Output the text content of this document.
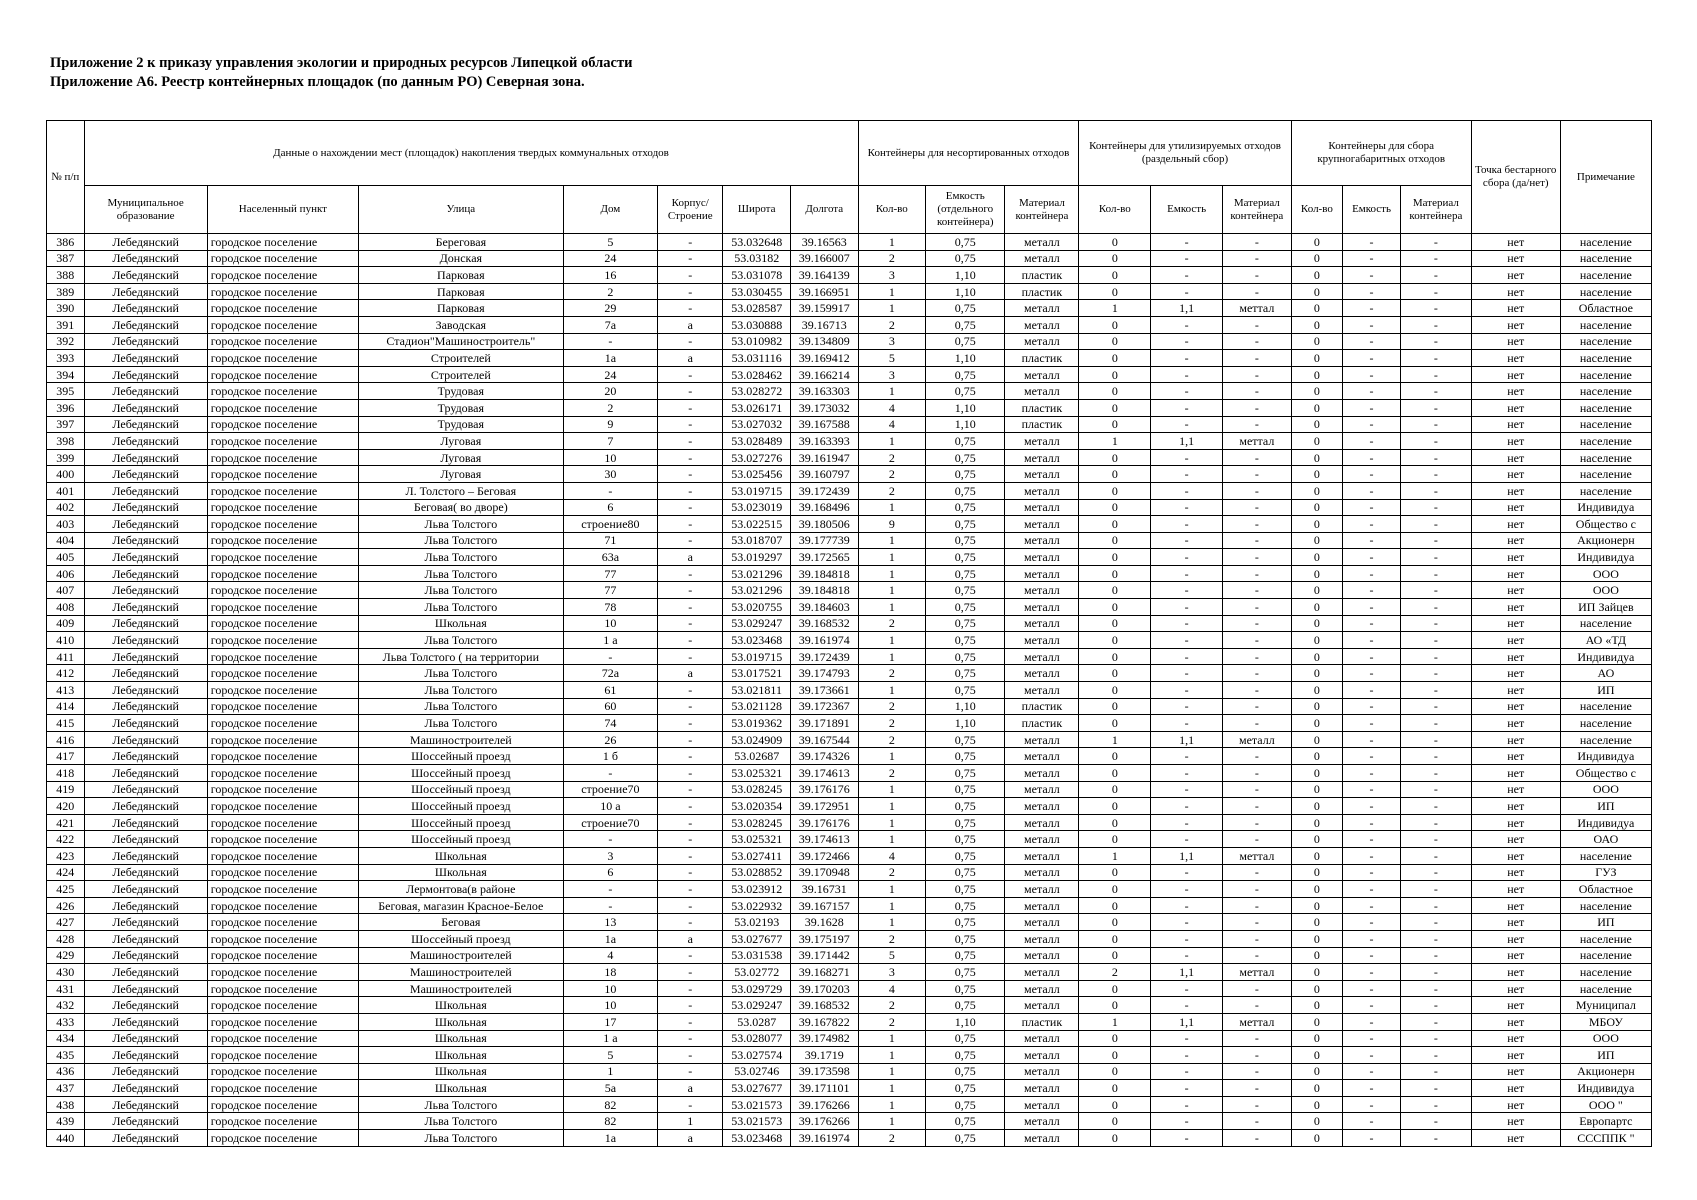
Приложение 2 к приказу управления экологии и природных ресурсов Липецкой области
Приложение А6. Реестр контейнерных площадок (по данным РО) Северная зона.
№ п/п	Данные о нахождении мест (площадок) накопления твердых коммунальных отходов							Контейнеры для несортированных отходов			Контейнеры для утилизируемых отходов (раздельный сбор)			Контейнеры для сбора крупногабаритных отходов			Точка бестарного сбора (да/нет)	Примечание
	Муниципальное образование	Населенный пункт	Улица	Дом	Корпус/ Строение	Широта	Долгота	Кол-во	Емкость (отдельного контейнера)	Материал контейнера	Кол-во	Емкость	Материал контейнера	Кол-во	Емкость	Материал контейнера		
386	Лебедянский	городское поселение	Береговая	5	-	53.032648	39.16563	1	0,75	металл	0	-	-	0	-	-	нет	население
387	Лебедянский	городское поселение	Донская	24	-	53.03182	39.166007	2	0,75	металл	0	-	-	0	-	-	нет	население
388	Лебедянский	городское поселение	Парковая	16	-	53.031078	39.164139	3	1,10	пластик	0	-	-	0	-	-	нет	население
389	Лебедянский	городское поселение	Парковая	2	-	53.030455	39.166951	1	1,10	пластик	0	-	-	0	-	-	нет	население
390	Лебедянский	городское поселение	Парковая	29	-	53.028587	39.159917	1	0,75	металл	1	1,1	меттал	0	-	-	нет	Областное
391	Лебедянский	городское поселение	Заводская	7а	а	53.030888	39.16713	2	0,75	металл	0	-	-	0	-	-	нет	население
392	Лебедянский	городское поселение	Стадион"Машиностроитель"	-	-	53.010982	39.134809	3	0,75	металл	0	-	-	0	-	-	нет	население
393	Лебедянский	городское поселение	Строителей	1а	а	53.031116	39.169412	5	1,10	пластик	0	-	-	0	-	-	нет	население
394	Лебедянский	городское поселение	Строителей	24	-	53.028462	39.166214	3	0,75	металл	0	-	-	0	-	-	нет	население
395	Лебедянский	городское поселение	Трудовая	20	-	53.028272	39.163303	1	0,75	металл	0	-	-	0	-	-	нет	население
396	Лебедянский	городское поселение	Трудовая	2	-	53.026171	39.173032	4	1,10	пластик	0	-	-	0	-	-	нет	население
397	Лебедянский	городское поселение	Трудовая	9	-	53.027032	39.167588	4	1,10	пластик	0	-	-	0	-	-	нет	население
398	Лебедянский	городское поселение	Луговая	7	-	53.028489	39.163393	1	0,75	металл	1	1,1	меттал	0	-	-	нет	население
399	Лебедянский	городское поселение	Луговая	10	-	53.027276	39.161947	2	0,75	металл	0	-	-	0	-	-	нет	население
400	Лебедянский	городское поселение	Луговая	30	-	53.025456	39.160797	2	0,75	металл	0	-	-	0	-	-	нет	население
401	Лебедянский	городское поселение	Л. Толстого – Беговая	-	-	53.019715	39.172439	2	0,75	металл	0	-	-	0	-	-	нет	население
402	Лебедянский	городское поселение	Беговая( во дворе)	6	-	53.023019	39.168496	1	0,75	металл	0	-	-	0	-	-	нет	Индивидуа
403	Лебедянский	городское поселение	Льва Толстого	строение80	-	53.022515	39.180506	9	0,75	металл	0	-	-	0	-	-	нет	Общество с
404	Лебедянский	городское поселение	Льва Толстого	71	-	53.018707	39.177739	1	0,75	металл	0	-	-	0	-	-	нет	Акционерн
405	Лебедянский	городское поселение	Льва Толстого	63а	а	53.019297	39.172565	1	0,75	металл	0	-	-	0	-	-	нет	Индивидуа
406	Лебедянский	городское поселение	Льва Толстого	77	-	53.021296	39.184818	1	0,75	металл	0	-	-	0	-	-	нет	ООО
407	Лебедянский	городское поселение	Льва Толстого	77	-	53.021296	39.184818	1	0,75	металл	0	-	-	0	-	-	нет	ООО
408	Лебедянский	городское поселение	Льва Толстого	78	-	53.020755	39.184603	1	0,75	металл	0	-	-	0	-	-	нет	ИП Зайцев
409	Лебедянский	городское поселение	Школьная	10	-	53.029247	39.168532	2	0,75	металл	0	-	-	0	-	-	нет	население
410	Лебедянский	городское поселение	Льва Толстого	1 а	-	53.023468	39.161974	1	0,75	металл	0	-	-	0	-	-	нет	АО «ТД
411	Лебедянский	городское поселение	Льва Толстого ( на территории	-	-	53.019715	39.172439	1	0,75	металл	0	-	-	0	-	-	нет	Индивидуа
412	Лебедянский	городское поселение	Льва Толстого	72а	а	53.017521	39.174793	2	0,75	металл	0	-	-	0	-	-	нет	АО
413	Лебедянский	городское поселение	Льва Толстого	61	-	53.021811	39.173661	1	0,75	металл	0	-	-	0	-	-	нет	ИП
414	Лебедянский	городское поселение	Льва Толстого	60	-	53.021128	39.172367	2	1,10	пластик	0	-	-	0	-	-	нет	население
415	Лебедянский	городское поселение	Льва Толстого	74	-	53.019362	39.171891	2	1,10	пластик	0	-	-	0	-	-	нет	население
416	Лебедянский	городское поселение	Машиностроителей	26	-	53.024909	39.167544	2	0,75	металл	1	1,1	металл	0	-	-	нет	население
417	Лебедянский	городское поселение	Шоссейный проезд	1 б	-	53.02687	39.174326	1	0,75	металл	0	-	-	0	-	-	нет	Индивидуа
418	Лебедянский	городское поселение	Шоссейный проезд	-	-	53.025321	39.174613	2	0,75	металл	0	-	-	0	-	-	нет	Общество с
419	Лебедянский	городское поселение	Шоссейный проезд	строение70	-	53.028245	39.176176	1	0,75	металл	0	-	-	0	-	-	нет	ООО
420	Лебедянский	городское поселение	Шоссейный проезд	10 а	-	53.020354	39.172951	1	0,75	металл	0	-	-	0	-	-	нет	ИП
421	Лебедянский	городское поселение	Шоссейный проезд	строение70	-	53.028245	39.176176	1	0,75	металл	0	-	-	0	-	-	нет	Индивидуа
422	Лебедянский	городское поселение	Шоссейный проезд	-	-	53.025321	39.174613	1	0,75	металл	0	-	-	0	-	-	нет	ОАО
423	Лебедянский	городское поселение	Школьная	3	-	53.027411	39.172466	4	0,75	металл	1	1,1	меттал	0	-	-	нет	население
424	Лебедянский	городское поселение	Школьная	6	-	53.028852	39.170948	2	0,75	металл	0	-	-	0	-	-	нет	ГУЗ
425	Лебедянский	городское поселение	Лермонтова(в районе	-	-	53.023912	39.16731	1	0,75	металл	0	-	-	0	-	-	нет	Областное
426	Лебедянский	городское поселение	Беговая, магазин Красное-Белое	-	-	53.022932	39.167157	1	0,75	металл	0	-	-	0	-	-	нет	население
427	Лебедянский	городское поселение	Беговая	13	-	53.02193	39.1628	1	0,75	металл	0	-	-	0	-	-	нет	ИП
428	Лебедянский	городское поселение	Шоссейный проезд	1а	а	53.027677	39.175197	2	0,75	металл	0	-	-	0	-	-	нет	население
429	Лебедянский	городское поселение	Машиностроителей	4	-	53.031538	39.171442	5	0,75	металл	0	-	-	0	-	-	нет	население
430	Лебедянский	городское поселение	Машиностроителей	18	-	53.02772	39.168271	3	0,75	металл	2	1,1	меттал	0	-	-	нет	население
431	Лебедянский	городское поселение	Машиностроителей	10	-	53.029729	39.170203	4	0,75	металл	0	-	-	0	-	-	нет	население
432	Лебедянский	городское поселение	Школьная	10	-	53.029247	39.168532	2	0,75	металл	0	-	-	0	-	-	нет	Муниципал
433	Лебедянский	городское поселение	Школьная	17	-	53.0287	39.167822	2	1,10	пластик	1	1,1	меттал	0	-	-	нет	МБОУ
434	Лебедянский	городское поселение	Школьная	1 а	-	53.028077	39.174982	1	0,75	металл	0	-	-	0	-	-	нет	ООО
435	Лебедянский	городское поселение	Школьная	5	-	53.027574	39.1719	1	0,75	металл	0	-	-	0	-	-	нет	ИП
436	Лебедянский	городское поселение	Школьная	1	-	53.02746	39.173598	1	0,75	металл	0	-	-	0	-	-	нет	Акционерн
437	Лебедянский	городское поселение	Школьная	5а	а	53.027677	39.171101	1	0,75	металл	0	-	-	0	-	-	нет	Индивидуа
438	Лебедянский	городское поселение	Льва Толстого	82	-	53.021573	39.176266	1	0,75	металл	0	-	-	0	-	-	нет	ООО "
439	Лебедянский	городское поселение	Льва Толстого	82	1	53.021573	39.176266	1	0,75	металл	0	-	-	0	-	-	нет	Европартс
440	Лебедянский	городское поселение	Льва Толстого	1а	а	53.023468	39.161974	2	0,75	металл	0	-	-	0	-	-	нет	СССППК "
